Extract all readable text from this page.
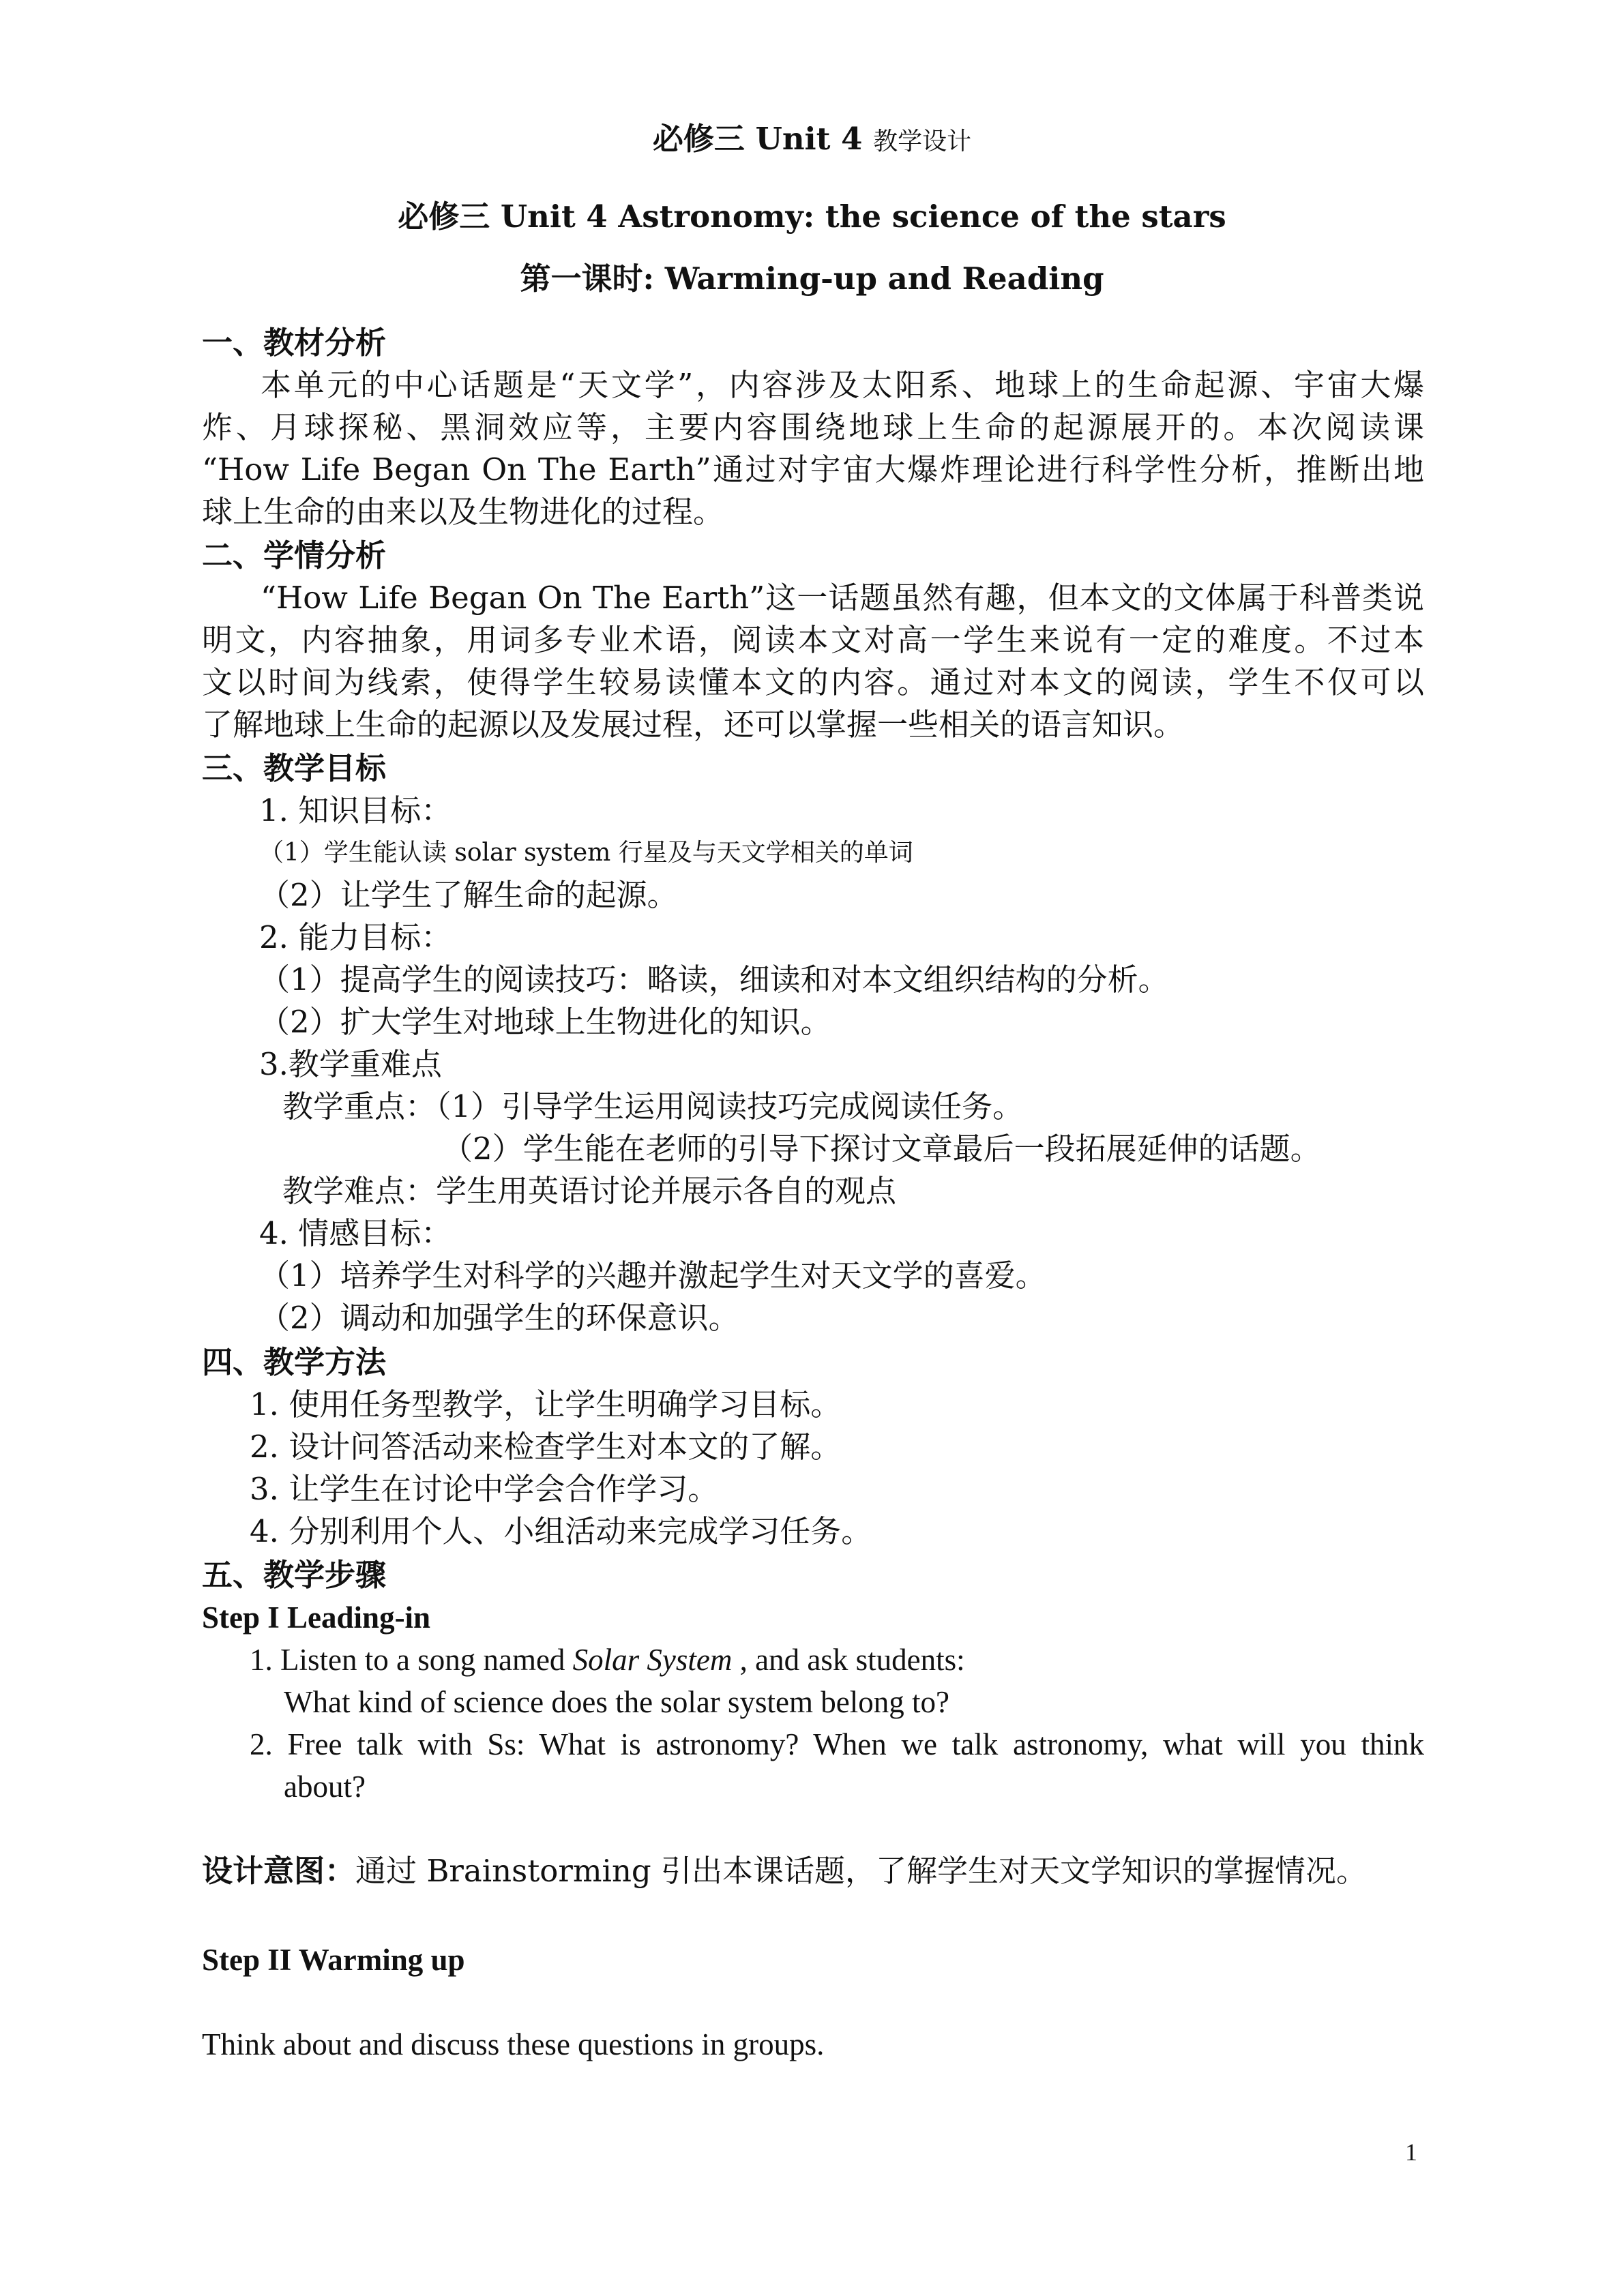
必修三 Unit 4 教学设计
必修三 Unit 4 Astronomy: the science of the stars
第一课时: Warming-up and Reading
一、教材分析
本单元的中心话题是“天文学”，内容涉及太阳系、地球上的生命起源、宇宙大爆
炸、月球探秘、黑洞效应等，主要内容围绕地球上生命的起源展开的。本次阅读课
“How Life Began On The Earth”通过对宇宙大爆炸理论进行科学性分析，推断出地
球上生命的由来以及生物进化的过程。
二、学情分析
“How Life Began On The Earth”这一话题虽然有趣，但本文的文体属于科普类说
明文，内容抽象，用词多专业术语，阅读本文对高一学生来说有一定的难度。不过本
文以时间为线索，使得学生较易读懂本文的内容。通过对本文的阅读，学生不仅可以
了解地球上生命的起源以及发展过程，还可以掌握一些相关的语言知识。
三、教学目标
1. 知识目标：
（1）学生能认读 solar system 行星及与天文学相关的单词
（2）让学生了解生命的起源。
2. 能力目标：
（1）提高学生的阅读技巧：略读，细读和对本文组织结构的分析。
（2）扩大学生对地球上生物进化的知识。
3.教学重难点
教学重点：（1）引导学生运用阅读技巧完成阅读任务。
（2）学生能在老师的引导下探讨文章最后一段拓展延伸的话题。
教学难点：学生用英语讨论并展示各自的观点
4. 情感目标：
（1）培养学生对科学的兴趣并激起学生对天文学的喜爱。
（2）调动和加强学生的环保意识。
四、教学方法
1. 使用任务型教学，让学生明确学习目标。
2. 设计问答活动来检查学生对本文的了解。
3. 让学生在讨论中学会合作学习。
4. 分别利用个人、小组活动来完成学习任务。
五、教学步骤
Step I Leading-in
1. Listen to a song named Solar System , and ask students:
What kind of science does the solar system belong to?
2. Free talk with Ss: What is astronomy? When we talk astronomy, what will you think
about?
设计意图：通过 Brainstorming 引出本课话题，了解学生对天文学知识的掌握情况。
Step II Warming up
Think about and discuss these questions in groups.
1
